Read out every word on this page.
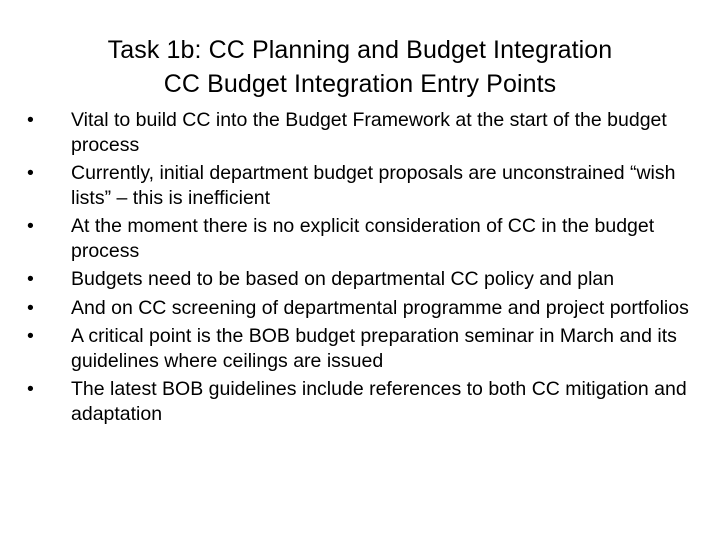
Task 1b: CC Planning and Budget Integration
CC Budget Integration Entry Points
•	Vital to build CC into the Budget Framework at the start of the budget process
•	Currently, initial department budget proposals are unconstrained “wish lists” – this is inefficient
•	At the moment there is no explicit consideration of CC in the budget process
•	Budgets need to be based on departmental CC policy and plan
•	And on CC screening of departmental programme and project portfolios
•	A critical point is the BOB budget preparation seminar in March and its guidelines where ceilings are issued
•	The latest BOB guidelines include references to both CC mitigation and adaptation
